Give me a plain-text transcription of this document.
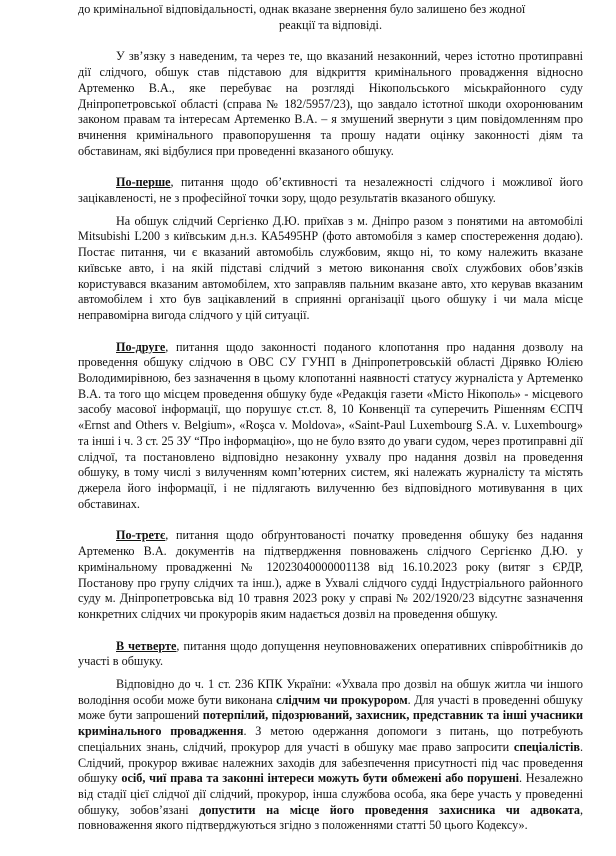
до кримінальної відповідальності, однак вказане звернення було залишено без жодної

реакції та відповіді.

У зв’язку з наведеним, та через те, що вказаний незаконний, через істотно протиправні дії слідчого, обшук став підставою для відкриття кримінального провадження відносно Артеменко В.А., яке перебуває на розгляді Нікопольського міськрайонного суду Дніпропетровської області (справа № 182/5957/23), що завдало істотної шкоди охоронюваним законом правам та інтересам Артеменко В.А. – я змушений звернути з цим повідомленням про вчинення кримінального правопорушення та прошу надати оцінку законності діям та обставинам, які відбулися при проведенні вказаного обшуку.

По-перше, питання щодо об’єктивності та незалежності слідчого і можливої його зацікавленості, не з професійної точки зору, щодо результатів вказаного обшуку.

На обшук слідчий Сергієнко Д.Ю. приїхав з м. Дніпро разом з понятими на автомобілі Mitsubishi L200 з київським д.н.з. КА5495НР (фото автомобіля з камер спостереження додаю). Постає питання, чи є вказаний автомобіль службовим, якщо ні, то кому належить вказане київське авто, і на якій підставі слідчий з метою виконання своїх службових обов’язків користувався вказаним автомобілем, хто заправляв пальним вказане авто, хто керував вказаним автомобілем і хто був зацікавлений в сприянні організації цього обшуку і чи мала місце неправомірна вигода слідчого у цій ситуації.

По-друге, питання щодо законності поданого клопотання про надання дозволу на проведення обшуку слідчою в ОВС СУ ГУНП в Дніпропетровській області Дірявко Юлією Володимирівною, без зазначення в цьому клопотанні наявності статусу журналіста у Артеменко В.А. та того що місцем проведення обшуку буде «Редакція газети «Місто Нікополь» - місцевого засобу масової інформації, що порушує ст.ст. 8, 10 Конвенції та суперечить Рішенням ЄСПЧ «Ernst and Others v. Belgium», «Roşca v. Moldova», «Saint-Paul Luxembourg S.A. v. Luxembourg» та інші і ч. 3 ст. 25 ЗУ “Про інформацію», що не було взято до уваги судом, через протиправні дії слідчої, та постановлено відповідно незаконну ухвалу про надання дозвіл на проведення обшуку, в тому числі з вилученням комп’ютерних систем, які належать журналісту та містять джерела його інформації, і не підлягають вилученню без відповідного мотивування в цих обставинах.

По-третє, питання щодо обґрунтованості початку проведення обшуку без надання Артеменко В.А. документів на підтвердження повноважень слідчого Сергієнко Д.Ю. у кримінальному провадженні № 12023040000001138 від 16.10.2023 року (витяг з ЄРДР, Постанову про групу слідчих та інш.), адже в Ухвалі слідчого судді Індустріального районного суду м. Дніпропетровська від 10 травня 2023 року у справі № 202/1920/23 відсутнє зазначення конкретних слідчих чи прокурорів яким надається дозвіл на проведення обшуку.

В четверте, питання щодо допущення неуповноважених оперативних співробітників до участі в обшуку.

Відповідно до ч. 1 ст. 236 КПК України: «Ухвала про дозвіл на обшук житла чи іншого володіння особи може бути виконана слідчим чи прокурором. Для участі в проведенні обшуку може бути запрошений потерпілий, підозрюваний, захисник, представник та інші учасники кримінального провадження. З метою одержання допомоги з питань, що потребують спеціальних знань, слідчий, прокурор для участі в обшуку має право запросити спеціалістів. Слідчий, прокурор вживає належних заходів для забезпечення присутності під час проведення обшуку осіб, чиї права та законні інтереси можуть бути обмежені або порушені. Незалежно від стадії цієї слідчої дії слідчий, прокурор, інша службова особа, яка бере участь у проведенні обшуку, зобов’язані допустити на місце його проведення захисника чи адвоката, повноваження якого підтверджуються згідно з положеннями статті 50 цього Кодексу».
